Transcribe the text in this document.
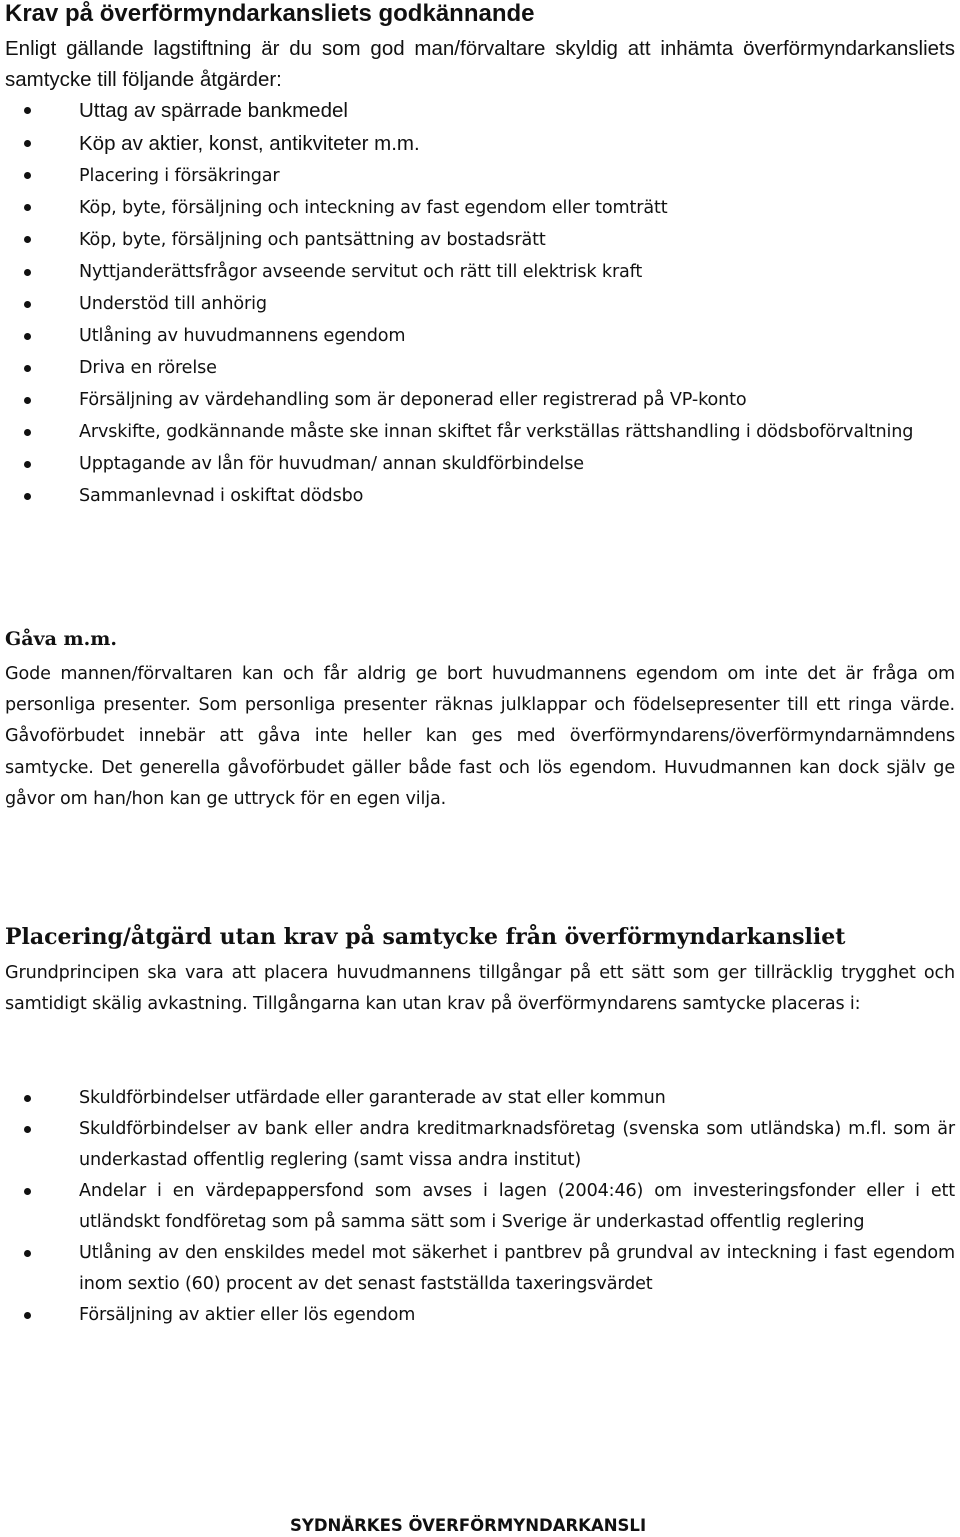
Krav på överförmyndarkansliets godkännande

Enligt gällande lagstiftning är du som god man/förvaltare skyldig att inhämta överförmyndarkansliets samtycke till följande åtgärder:

Uttag av spärrade bankmedel
Köp av aktier, konst, antikviteter m.m.
Placering i försäkringar
Köp, byte, försäljning och inteckning av fast egendom eller tomträtt
Köp, byte, försäljning och pantsättning av bostadsrätt
Nyttjanderättsfrågor avseende servitut och rätt till elektrisk kraft
Understöd till anhörig
Utlåning av huvudmannens egendom
Driva en rörelse
Försäljning av värdehandling som är deponerad eller registrerad på VP-konto
Arvskifte, godkännande måste ske innan skiftet får verkställas rättshandling i dödsboförvaltning
Upptagande av lån för huvudman/ annan skuldförbindelse
Sammanlevnad i oskiftat dödsbo
Gåva m.m.

Gode mannen/förvaltaren kan och får aldrig ge bort huvudmannens egendom om inte det är fråga om personliga presenter. Som personliga presenter räknas julklappar och födelsepresenter till ett ringa värde. Gåvoförbudet innebär att gåva inte heller kan ges med överförmyndarens/överförmyndarnämndens samtycke. Det generella gåvoförbudet gäller både fast och lös egendom. Huvudmannen kan dock själv ge gåvor om han/hon kan ge uttryck för en egen vilja.

Placering/åtgärd utan krav på samtycke från överförmyndarkansliet

Grundprincipen ska vara att placera huvudmannens tillgångar på ett sätt som ger tillräcklig trygghet och samtidigt skälig avkastning. Tillgångarna kan utan krav på överförmyndarens samtycke placeras i:

Skuldförbindelser utfärdade eller garanterade av stat eller kommun
Skuldförbindelser av bank eller andra kreditmarknadsföretag (svenska som utländska) m.fl. som är underkastad offentlig reglering (samt vissa andra institut)
Andelar i en värdepappersfond som avses i lagen (2004:46) om investeringsfonder eller i ett utländskt fondföretag som på samma sätt som i Sverige är underkastad offentlig reglering
Utlåning av den enskildes medel mot säkerhet i pantbrev på grundval av inteckning i fast egendom inom sextio (60) procent av det senast fastställda taxeringsvärdet
Försäljning av aktier eller lös egendom
SYDNÄRKES ÖVERFÖRMYNDARKANSLI
